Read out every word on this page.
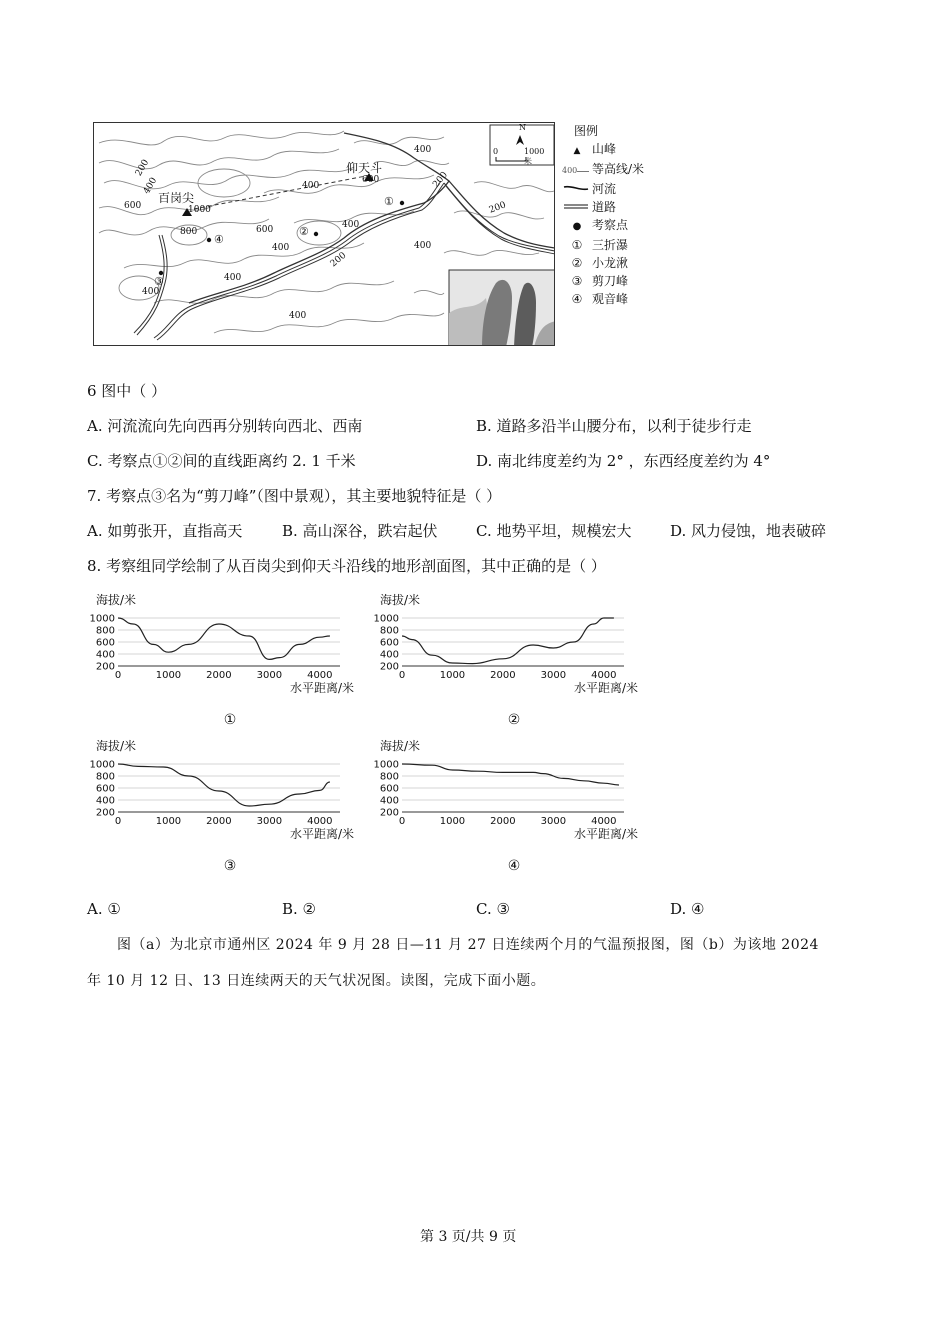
百岗尖
仰天斗
N
0	1000 米
①
②
③
④
200
400
600
400	200
1000
800
400
600	400
400
200
400
400
600
400
200
400
图例
▲ 山峰
400 等高线/米
河流
道路
● 考察点
① 三折瀑
② 小龙湫
③ 剪刀峰
④ 观音峰
6 图中（ ）
A. 河流流向先向西再分别转向西北、西南	B. 道路多沿半山腰分布，以利于徒步行走
C. 考察点①②间的直线距离约 2. 1 千米	D. 南北纬度差约为 2° ，东西经度差约为 4°
7. 考察点③名为“剪刀峰”（图中景观），其主要地貌特征是（ ）
A. 如剪张开，直指高天	B. 高山深谷，跌宕起伏	C. 地势平坦，规模宏大	D. 风力侵蚀，地表破碎
8. 考察组同学绘制了从百岗尖到仰天斗沿线的地形剖面图，其中正确的是（ ）
海拔/米
200
400
600
800
1000
0	1000	2000	3000	4000
水平距离/米
①
海拔/米
200
400
600
800
1000
0	1000	2000	3000	4000
水平距离/米
②
海拔/米
200
400
600
800
1000
0	1000	2000	3000	4000
水平距离/米
③
海拔/米
200
400
600
800
1000
0	1000	2000	3000	4000
水平距离/米
④
A. ①	B. ②	C. ③	D. ④
图（a）为北京市通州区 2024 年 9 月 28 日—11 月 27 日连续两个月的气温预报图，图（b）为该地 2024
年 10 月 12 日、13 日连续两天的天气状况图。读图，完成下面小题。
第 3 页/共 9 页
